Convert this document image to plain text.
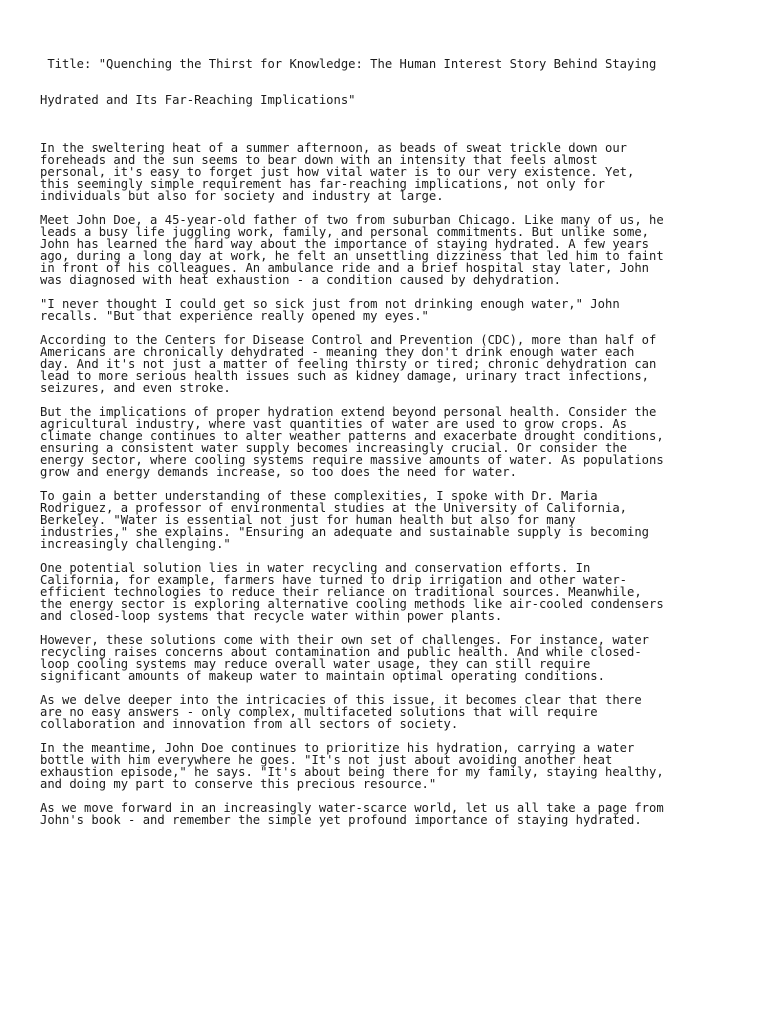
Title: "Quenching the Thirst for Knowledge: The Human Interest Story Behind Staying

Hydrated and Its Far-Reaching Implications"

In the sweltering heat of a summer afternoon, as beads of sweat trickle down our
foreheads and the sun seems to bear down with an intensity that feels almost
personal, it's easy to forget just how vital water is to our very existence. Yet,
this seemingly simple requirement has far-reaching implications, not only for
individuals but also for society and industry at large.
Meet John Doe, a 45-year-old father of two from suburban Chicago. Like many of us, he
leads a busy life juggling work, family, and personal commitments. But unlike some,
John has learned the hard way about the importance of staying hydrated. A few years
ago, during a long day at work, he felt an unsettling dizziness that led him to faint
in front of his colleagues. An ambulance ride and a brief hospital stay later, John
was diagnosed with heat exhaustion - a condition caused by dehydration.
"I never thought I could get so sick just from not drinking enough water," John
recalls. "But that experience really opened my eyes."
According to the Centers for Disease Control and Prevention (CDC), more than half of
Americans are chronically dehydrated - meaning they don't drink enough water each
day. And it's not just a matter of feeling thirsty or tired; chronic dehydration can
lead to more serious health issues such as kidney damage, urinary tract infections,
seizures, and even stroke.
But the implications of proper hydration extend beyond personal health. Consider the
agricultural industry, where vast quantities of water are used to grow crops. As
climate change continues to alter weather patterns and exacerbate drought conditions,
ensuring a consistent water supply becomes increasingly crucial. Or consider the
energy sector, where cooling systems require massive amounts of water. As populations
grow and energy demands increase, so too does the need for water.
To gain a better understanding of these complexities, I spoke with Dr. Maria
Rodriguez, a professor of environmental studies at the University of California,
Berkeley. "Water is essential not just for human health but also for many
industries," she explains. "Ensuring an adequate and sustainable supply is becoming
increasingly challenging."
One potential solution lies in water recycling and conservation efforts. In
California, for example, farmers have turned to drip irrigation and other water-
efficient technologies to reduce their reliance on traditional sources. Meanwhile,
the energy sector is exploring alternative cooling methods like air-cooled condensers
and closed-loop systems that recycle water within power plants.
However, these solutions come with their own set of challenges. For instance, water
recycling raises concerns about contamination and public health. And while closed-
loop cooling systems may reduce overall water usage, they can still require
significant amounts of makeup water to maintain optimal operating conditions.
As we delve deeper into the intricacies of this issue, it becomes clear that there
are no easy answers - only complex, multifaceted solutions that will require
collaboration and innovation from all sectors of society.
In the meantime, John Doe continues to prioritize his hydration, carrying a water
bottle with him everywhere he goes. "It's not just about avoiding another heat
exhaustion episode," he says. "It's about being there for my family, staying healthy,
and doing my part to conserve this precious resource."
As we move forward in an increasingly water-scarce world, let us all take a page from
John's book - and remember the simple yet profound importance of staying hydrated.
